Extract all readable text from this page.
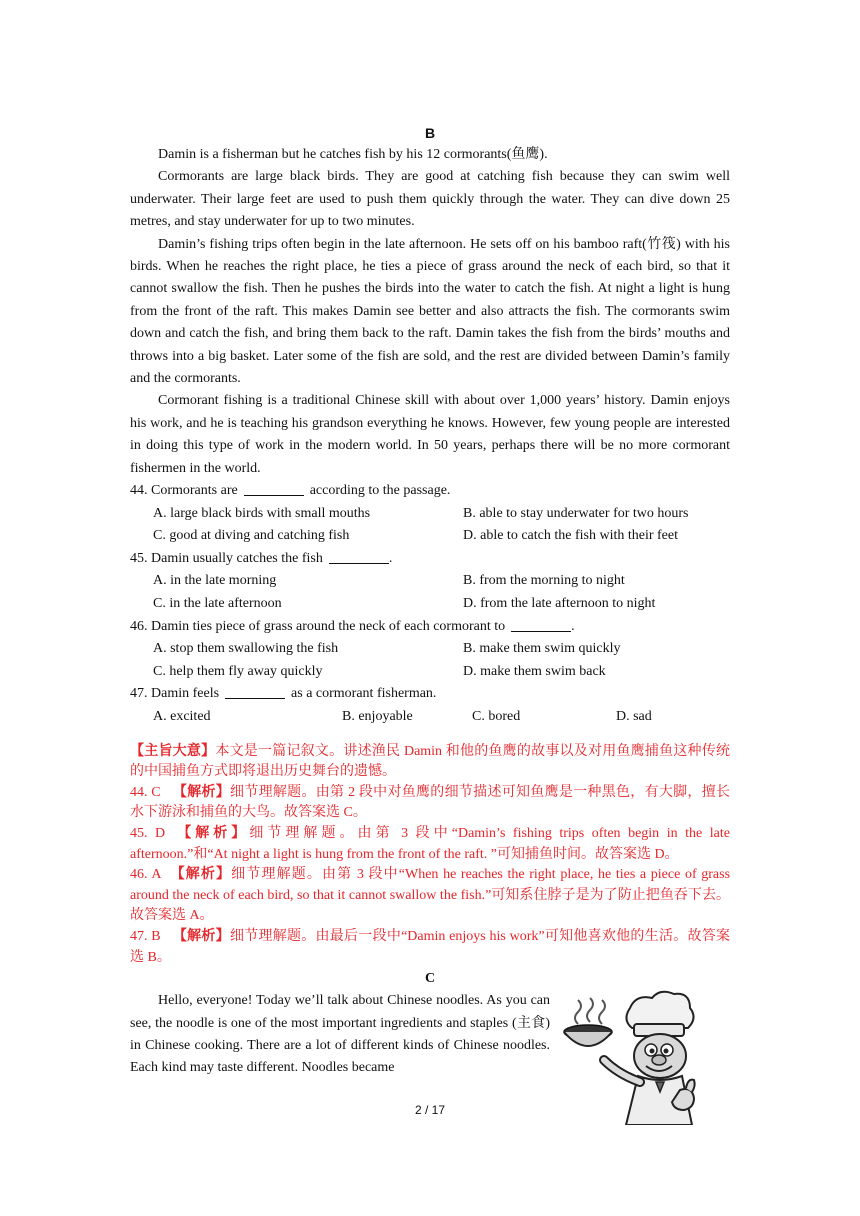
B

Damin is a fisherman but he catches fish by his 12 cormorants(鱼鹰).

Cormorants are large black birds. They are good at catching fish because they can swim well underwater. Their large feet are used to push them quickly through the water. They can dive down 25 metres, and stay underwater for up to two minutes.

Damin’s fishing trips often begin in the late afternoon. He sets off on his bamboo raft(竹筏) with his birds. When he reaches the right place, he ties a piece of grass around the neck of each bird, so that it cannot swallow the fish. Then he pushes the birds into the water to catch the fish. At night a light is hung from the front of the raft. This makes Damin see better and also attracts the fish. The cormorants swim down and catch the fish, and bring them back to the raft. Damin takes the fish from the birds’ mouths and throws into a big basket. Later some of the fish are sold, and the rest are divided between Damin’s family and the cormorants.

Cormorant fishing is a traditional Chinese skill with about over 1,000 years’ history. Damin enjoys his work, and he is teaching his grandson everything he knows. However, few young people are interested in doing this type of work in the modern world. In 50 years, perhaps there will be no more cormorant fishermen in the world.

44. Cormorants are	according to the passage.

A. large black birds with small mouths	B. able to stay underwater for two hours
C. good at diving and catching fish	D. able to catch the fish with their feet

45. Damin usually catches the fish	.

A. in the late morning	B. from the morning to night
C. in the late afternoon	D. from the late afternoon to night

46. Damin ties piece of grass around the neck of each cormorant to	.

A. stop them swallowing the fish	B. make them swim quickly
C. help them fly away quickly	D. make them swim back

47. Damin feels	as a cormorant fisherman.

A. excited	B. enjoyable	C. bored	D. sad

【主旨大意】本文是一篇记叙文。讲述渔民 Damin 和他的鱼鹰的故事以及对用鱼鹰捕鱼这种传统的中国捕鱼方式即将退出历史舞台的遗憾。

44. C 【解析】细节理解题。由第 2 段中对鱼鹰的细节描述可知鱼鹰是一种黑色，有大脚，擅长水下游泳和捕鱼的大鸟。故答案选 C。

45. D 【解析】细节理解题。由第 3 段中“Damin’s fishing trips often begin in the late afternoon.”和“At night a light is hung from the front of the raft. ”可知捕鱼时间。故答案选 D。

46. A 【解析】细节理解题。由第 3 段中“When he reaches the right place, he ties a piece of grass around the neck of each bird, so that it cannot swallow the fish.”可知系住脖子是为了防止把鱼吞下去。故答案选 A。

47. B 【解析】细节理解题。由最后一段中“Damin enjoys his work”可知他喜欢他的生活。故答案选 B。

C

Hello, everyone! Today we’ll talk about Chinese noodles. As you can see, the noodle is one of the most important ingredients and staples (主食) in Chinese cooking. There are a lot of different kinds of Chinese noodles. Each kind may taste different. Noodles became

2 / 17
